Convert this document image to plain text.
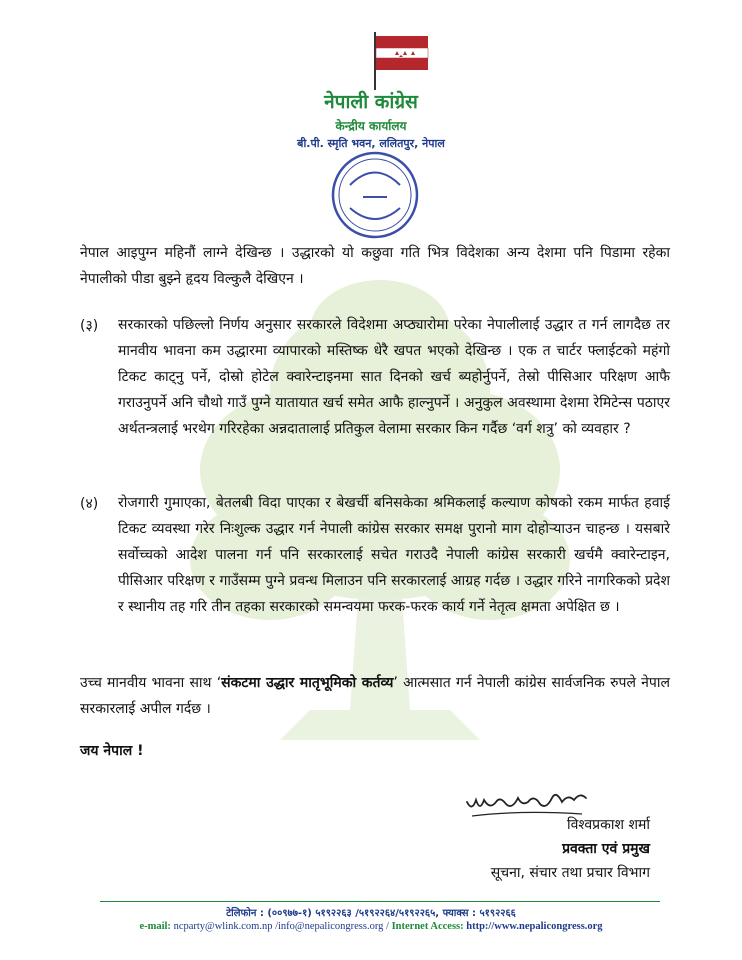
नेपाली कांग्रेस
केन्द्रीय कार्यालय
बी.पी. स्मृति भवन, ललितपुर, नेपाल
नेपाल आइपुग्न महिनौं लाग्ने देखिन्छ । उद्धारको यो कछुवा गति भित्र विदेशका अन्य देशमा पनि पिडामा रहेका नेपालीको पीडा बुझ्ने हृदय विल्कुलै देखिएन ।
(३) सरकारको पछिल्लो निर्णय अनुसार सरकारले विदेशमा अप्ठ्यारोमा परेका नेपालीलाई उद्धार त गर्न लागदैछ तर मानवीय भावना कम उद्धारमा व्यापारको मस्तिष्क धेरै खपत भएको देखिन्छ । एक त चार्टर फ्लाईटको महंगो टिकट काट्नु पर्ने, दोस्रो होटेल क्वारेन्टाइनमा सात दिनको खर्च ब्यहोर्नुपर्ने, तेस्रो पीसिआर परिक्षण आफै गराउनुपर्ने अनि चौथो गाउँ पुग्ने यातायात खर्च समेत आफै हाल्नुपर्ने । अनुकुल अवस्थामा देशमा रेमिटेन्स पठाएर अर्थतन्त्रलाई भरथेग गरिरहेका अन्नदातालाई प्रतिकुल वेलामा सरकार किन गर्दैछ ‘वर्ग शत्रु’ को व्यवहार ?
(४) रोजगारी गुमाएका, बेतलबी विदा पाएका र बेखर्ची बनिसकेका श्रमिकलाई कल्याण कोषको रकम मार्फत हवाई टिकट व्यवस्था गरेर निःशुल्क उद्धार गर्न नेपाली कांग्रेस सरकार समक्ष पुरानो माग दोहोऱ्याउन चाहन्छ । यसबारे सर्वोच्चको आदेश पालना गर्न पनि सरकारलाई सचेत गराउदै नेपाली कांग्रेस सरकारी खर्चमै क्वारेन्टाइन, पीसिआर परिक्षण र गाउँसम्म पुग्ने प्रवन्ध मिलाउन पनि सरकारलाई आग्रह गर्दछ । उद्धार गरिने नागरिकको प्रदेश र स्थानीय तह गरि तीन तहका सरकारको समन्वयमा फरक-फरक कार्य गर्ने नेतृत्व क्षमता अपेक्षित छ ।
उच्च मानवीय भावना साथ ‘संकटमा उद्धार मातृभूमिको कर्तव्य’ आत्मसात गर्न नेपाली कांग्रेस सार्वजनिक रुपले नेपाल सरकारलाई अपील गर्दछ ।
जय नेपाल !
विश्वप्रकाश शर्मा
प्रवक्ता एवं प्रमुख
सूचना, संचार तथा प्रचार विभाग
टेलिफोन : (००९७७-१) ५१९२२६३ /५१९२२६४/५१९२२६५, फ्याक्स : ५१९२२६६
e-mail: ncparty@wlink.com.np /info@nepalicongress.org / Internet Access: http://www.nepalicongress.org
